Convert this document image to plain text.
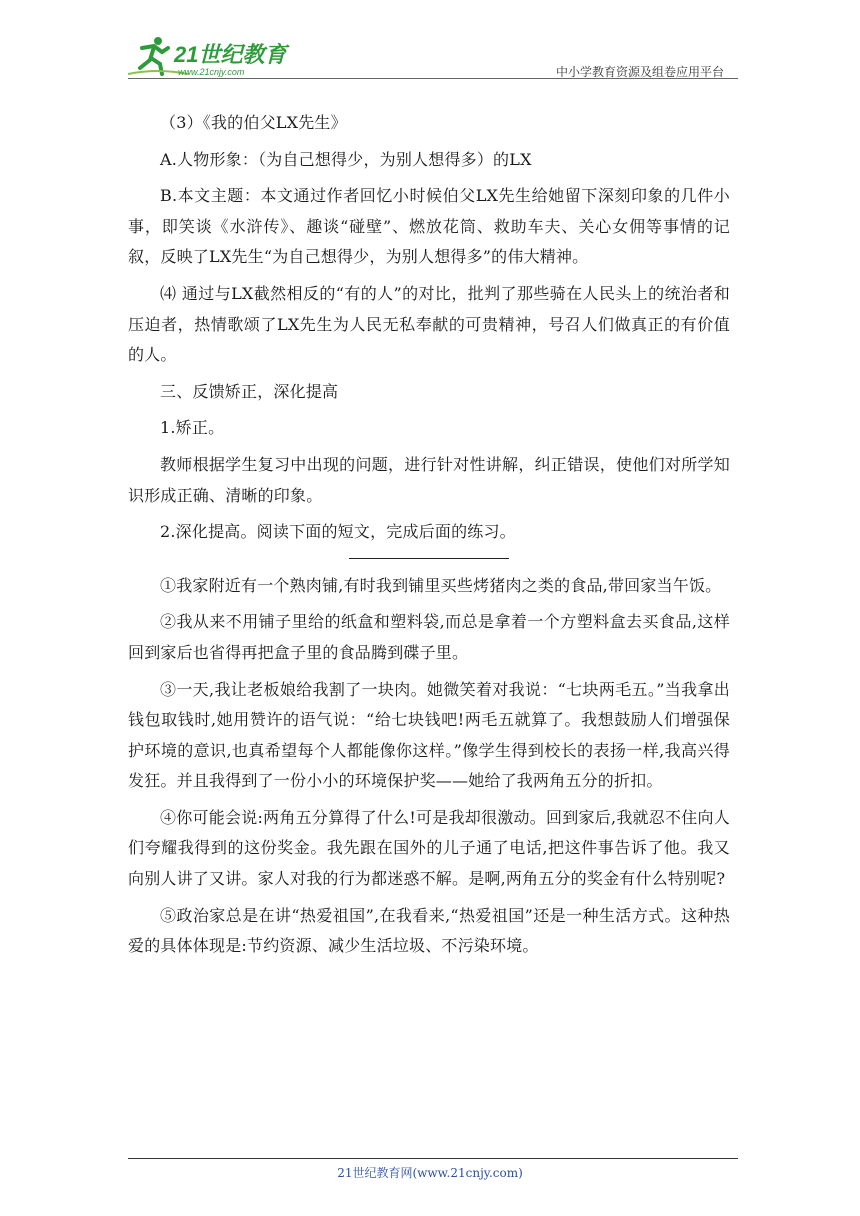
21世纪教育
www.21cnjy.com	中小学教育资源及组卷应用平台

（3）《我的伯父LX先生》

A.人物形象：（为自己想得少，为别人想得多）的LX

B.本文主题：本文通过作者回忆小时候伯父LX先生给她留下深刻印象的几件小事，即笑谈《水浒传》、趣谈“碰壁”、燃放花筒、救助车夫、关心女佣等事情的记叙，反映了LX先生“为自己想得少，为别人想得多”的伟大精神。

⑷ 通过与LX截然相反的“有的人”的对比，批判了那些骑在人民头上的统治者和压迫者，热情歌颂了LX先生为人民无私奉献的可贵精神，号召人们做真正的有价值的人。

三、反馈矫正，深化提高

1.矫正。

教师根据学生复习中出现的问题，进行针对性讲解，纠正错误，使他们对所学知识形成正确、清晰的印象。

2.深化提高。阅读下面的短文，完成后面的练习。

①我家附近有一个熟肉铺,有时我到铺里买些烤猪肉之类的食品,带回家当午饭。

②我从来不用铺子里给的纸盒和塑料袋,而总是拿着一个方塑料盒去买食品,这样回到家后也省得再把盒子里的食品腾到碟子里。

③一天,我让老板娘给我割了一块肉。她微笑着对我说：“七块两毛五。”当我拿出钱包取钱时,她用赞许的语气说：“给七块钱吧!两毛五就算了。我想鼓励人们增强保护环境的意识,也真希望每个人都能像你这样。”像学生得到校长的表扬一样,我高兴得发狂。并且我得到了一份小小的环境保护奖——她给了我两角五分的折扣。

④你可能会说:两角五分算得了什么!可是我却很激动。回到家后,我就忍不住向人们夸耀我得到的这份奖金。我先跟在国外的儿子通了电话,把这件事告诉了他。我又向别人讲了又讲。家人对我的行为都迷惑不解。是啊,两角五分的奖金有什么特别呢?

⑤政治家总是在讲“热爱祖国”,在我看来,“热爱祖国”还是一种生活方式。这种热爱的具体体现是:节约资源、减少生活垃圾、不污染环境。

21世纪教育网(www.21cnjy.com)
